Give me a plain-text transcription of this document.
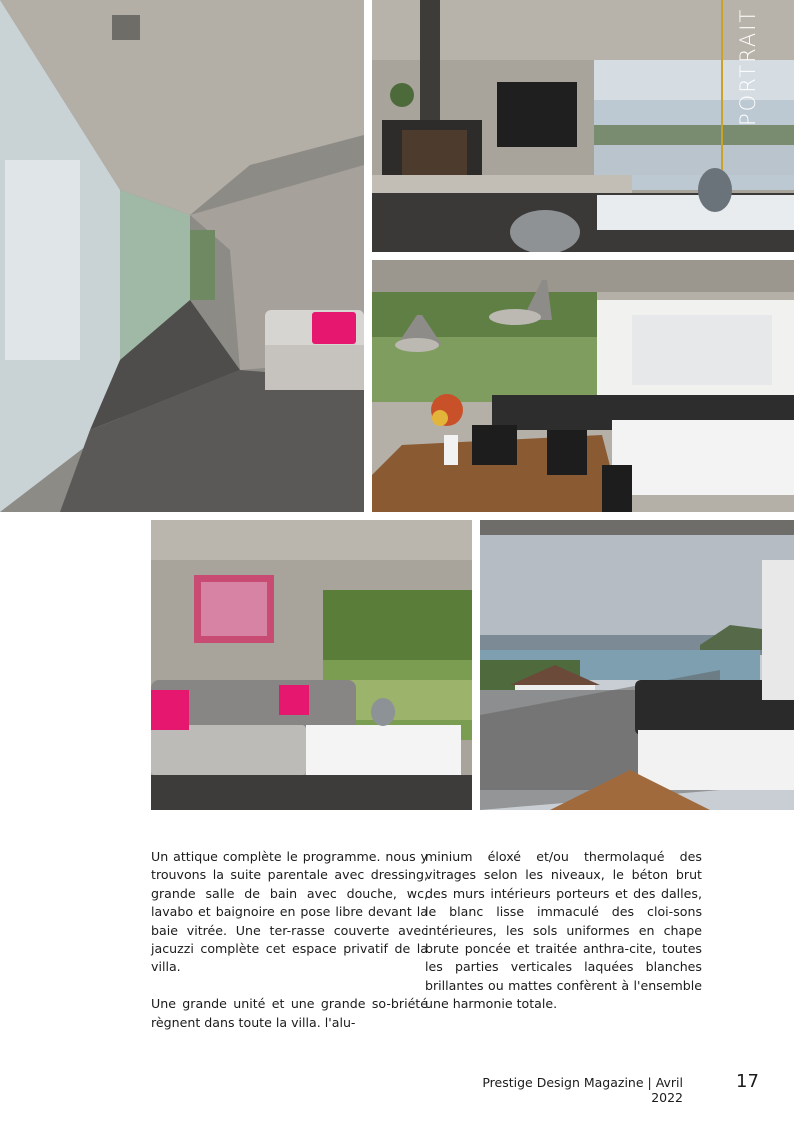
PORTRAIT

Un attique complète le programme. nous y trouvons la suite parentale avec dressing, grande salle de bain avec douche, wc, lavabo et baignoire en pose libre devant la baie vitrée. Une ter-rasse couverte avec jacuzzi complète cet espace privatif de la villa.

Une grande unité et une grande so-briété règnent dans toute la villa. l'alu-

minium éloxé et/ou thermolaqué des vitrages selon les niveaux, le béton brut des murs intérieurs porteurs et des dalles, le blanc lisse immaculé des cloi-sons intérieures, les sols uniformes en chape brute poncée et traitée anthra-cite, toutes les parties verticales laquées blanches brillantes ou mattes confèrent à l'ensemble une harmonie totale.

Prestige Design Magazine | Avril 2022
17
